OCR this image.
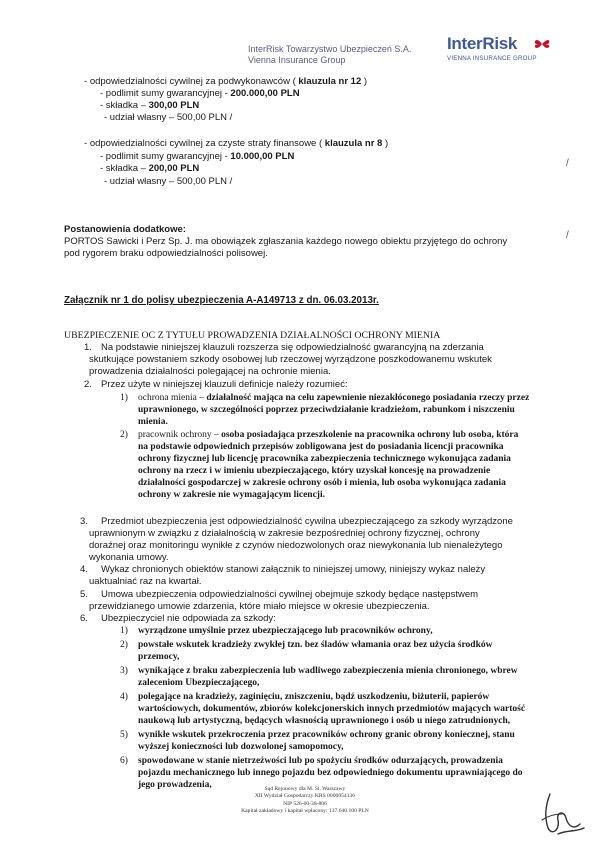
InterRisk Towarzystwo Ubezpieczeń S.A.
Vienna Insurance Group
InterRisk
VIENNA INSURANCE GROUP
- odpowiedzialności cywilnej za podwykonawców ( klauzula nr 12 )
- podlimit sumy gwarancyjnej - 200.000,00 PLN
- składka – 300,00 PLN
- udział własny – 500,00 PLN /
- odpowiedzialności cywilnej za czyste straty finansowe ( klauzula nr 8 )
- podlimit sumy gwarancyjnej - 10.000,00 PLN
- składka – 200,00 PLN
- udział własny – 500,00 PLN /
Postanowienia dodatkowe:
PORTOS Sawicki i Perz Sp. J. ma obowiązek zgłaszania każdego nowego obiektu przyjętego do ochrony
pod rygorem braku odpowiedzialności polisowej.
Załącznik nr 1 do polisy ubezpieczenia A-A149713 z dn. 06.03.2013r.
UBEZPIECZENIE OC Z TYTUŁU PROWADZENIA DZIAŁALNOŚCI OCHRONY MIENIA
1. Na podstawie niniejszej klauzuli rozszerza się odpowiedzialność gwarancyjną na zderzania
skutkujące powstaniem szkody osobowej lub rzeczowej wyrządzone poszkodowanemu wskutek
prowadzenia działalności polegającej na ochronie mienia.
2. Przez użyte w niniejszej klauzuli definicje należy rozumieć:
1) ochrona mienia – działalność mająca na celu zapewnienie niezakłóconego posiadania rzeczy przez
uprawnionego, w szczególności poprzez przeciwdziałanie kradzieżom, rabunkom i niszczeniu
mienia.
2) pracownik ochrony – osoba posiadająca przeszkolenie na pracownika ochrony lub osoba, która
na podstawie odpowiednich przepisów zobligowana jest do posiadania licencji pracownika
ochrony fizycznej lub licencję pracownika zabezpieczenia technicznego wykonująca zadania
ochrony na rzecz i w imieniu ubezpieczającego, który uzyskał koncesję na prowadzenie
działalności gospodarczej w zakresie ochrony osób i mienia, lub osoba wykonująca zadania
ochrony w zakresie nie wymagającym licencji.
3. Przedmiot ubezpieczenia jest odpowiedzialność cywilna ubezpieczającego za szkody wyrządzone
uprawnionym w związku z działalnością w zakresie bezpośredniej ochrony fizycznej, ochrony
doraźnej oraz monitoringu wynikłe z czynów niedozwolonych oraz niewykonania lub nienależytego
wykonania umowy.
4. Wykaz chronionych obiektów stanowi załącznik to niniejszej umowy, niniejszy wykaz należy
uaktualniać raz na kwartał.
5. Umowa ubezpieczenia odpowiedzialności cywilnej obejmuje szkody będące następstwem
przewidzianego umowie zdarzenia, które miało miejsce w okresie ubezpieczenia.
6. Ubezpieczyciel nie odpowiada za szkody:
1) wyrządzone umyślnie przez ubezpieczającego lub pracowników ochrony,
2) powstałe wskutek kradzieży zwykłej tzn. bez śladów włamania oraz bez użycia środków
przemocy,
3) wynikające z braku zabezpieczenia lub wadliwego zabezpieczenia mienia chronionego, wbrew
zaleceniom Ubezpieczającego,
4) polegające na kradzieży, zaginięciu, zniszczeniu, bądź uszkodzeniu, biżuterii, papierów
wartościowych, dokumentów, zbiorów kolekcjonerskich innych przedmiotów mających wartość
naukową lub artystyczną, będących własnością uprawnionego i osób u niego zatrudnionych,
5) wynikłe wskutek przekroczenia przez pracowników ochrony granic obrony koniecznej, stanu
wyższej konieczności lub dozwolonej samopomocy,
6) spowodowane w stanie nietrzeźwości lub po spożyciu środków odurzających, prowadzenia
pojazdu mechanicznego lub innego pojazdu bez odpowiedniego dokumentu uprawniającego do
jego prowadzenia,
/
/
Sąd Rejonowy dla M. St. Warszawy
XII Wydział Gospodarczy KRS 0000054136
NIP 526-00-38-806
Kapitał zakładowy i kapitał wpłacony: 137.640.100 PLN
